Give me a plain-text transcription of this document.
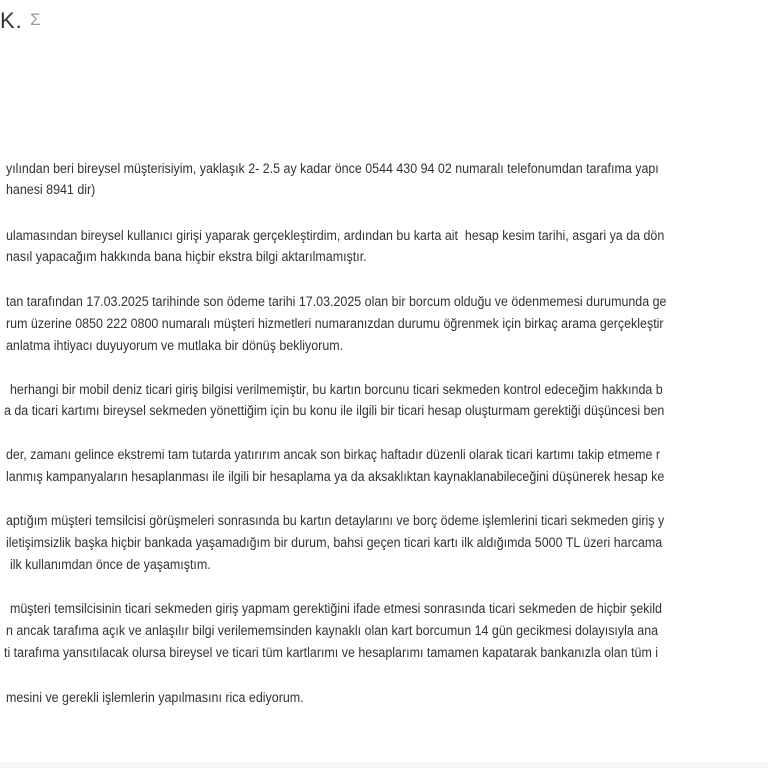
K. Ʃ
yılından beri bireysel müşterisiyim, yaklaşık 2- 2.5 ay kadar önce 0544 430 94 02 numaralı telefonumdan tarafıma yapı
hanesi 8941 dir)
ulamasından bireysel kullanıcı girişi yaparak gerçekleştirdim, ardından bu karta ait  hesap kesim tarihi, asgari ya da dön
nasıl yapacağım hakkında bana hiçbir ekstra bilgi aktarılmamıştır.
tan tarafından 17.03.2025 tarihinde son ödeme tarihi 17.03.2025 olan bir borcum olduğu ve ödenmemesi durumunda ge
rum üzerine 0850 222 0800 numaralı müşteri hizmetleri numaranızdan durumu öğrenmek için birkaç arama gerçekleştir
anlatma ihtiyacı duyuyorum ve mutlaka bir dönüş bekliyorum.
herhangi bir mobil deniz ticari giriş bilgisi verilmemiştir, bu kartın borcunu ticari sekmeden kontrol edeceğim hakkında b
a da ticari kartımı bireysel sekmeden yönettiğim için bu konu ile ilgili bir ticari hesap oluşturmam gerektiği düşüncesi ben
der, zamanı gelince ekstremi tam tutarda yatırırım ancak son birkaç haftadır düzenli olarak ticari kartımı takip etmeme r
lanmış kampanyaların hesaplanması ile ilgili bir hesaplama ya da aksaklıktan kaynaklanabileceğini düşünerek hesap ke
aptığım müşteri temsilcisi görüşmeleri sonrasında bu kartın detaylarını ve borç ödeme işlemlerini ticari sekmeden giriş y
iletişimsizlik başka hiçbir bankada yaşamadığım bir durum, bahsi geçen ticari kartı ilk aldığımda 5000 TL üzeri harcama
ilk kullanımdan önce de yaşamıştım.
müşteri temsilcisinin ticari sekmeden giriş yapmam gerektiğini ifade etmesi sonrasında ticari sekmeden de hiçbir şekild
n ancak tarafıma açık ve anlaşılır bilgi verilememsinden kaynaklı olan kart borcumun 14 gün gecikmesi dolayısıyla ana
ti tarafıma yansıtılacak olursa bireysel ve ticari tüm kartlarımı ve hesaplarımı tamamen kapatarak bankanızla olan tüm i
mesini ve gerekli işlemlerin yapılmasını rica ediyorum.
